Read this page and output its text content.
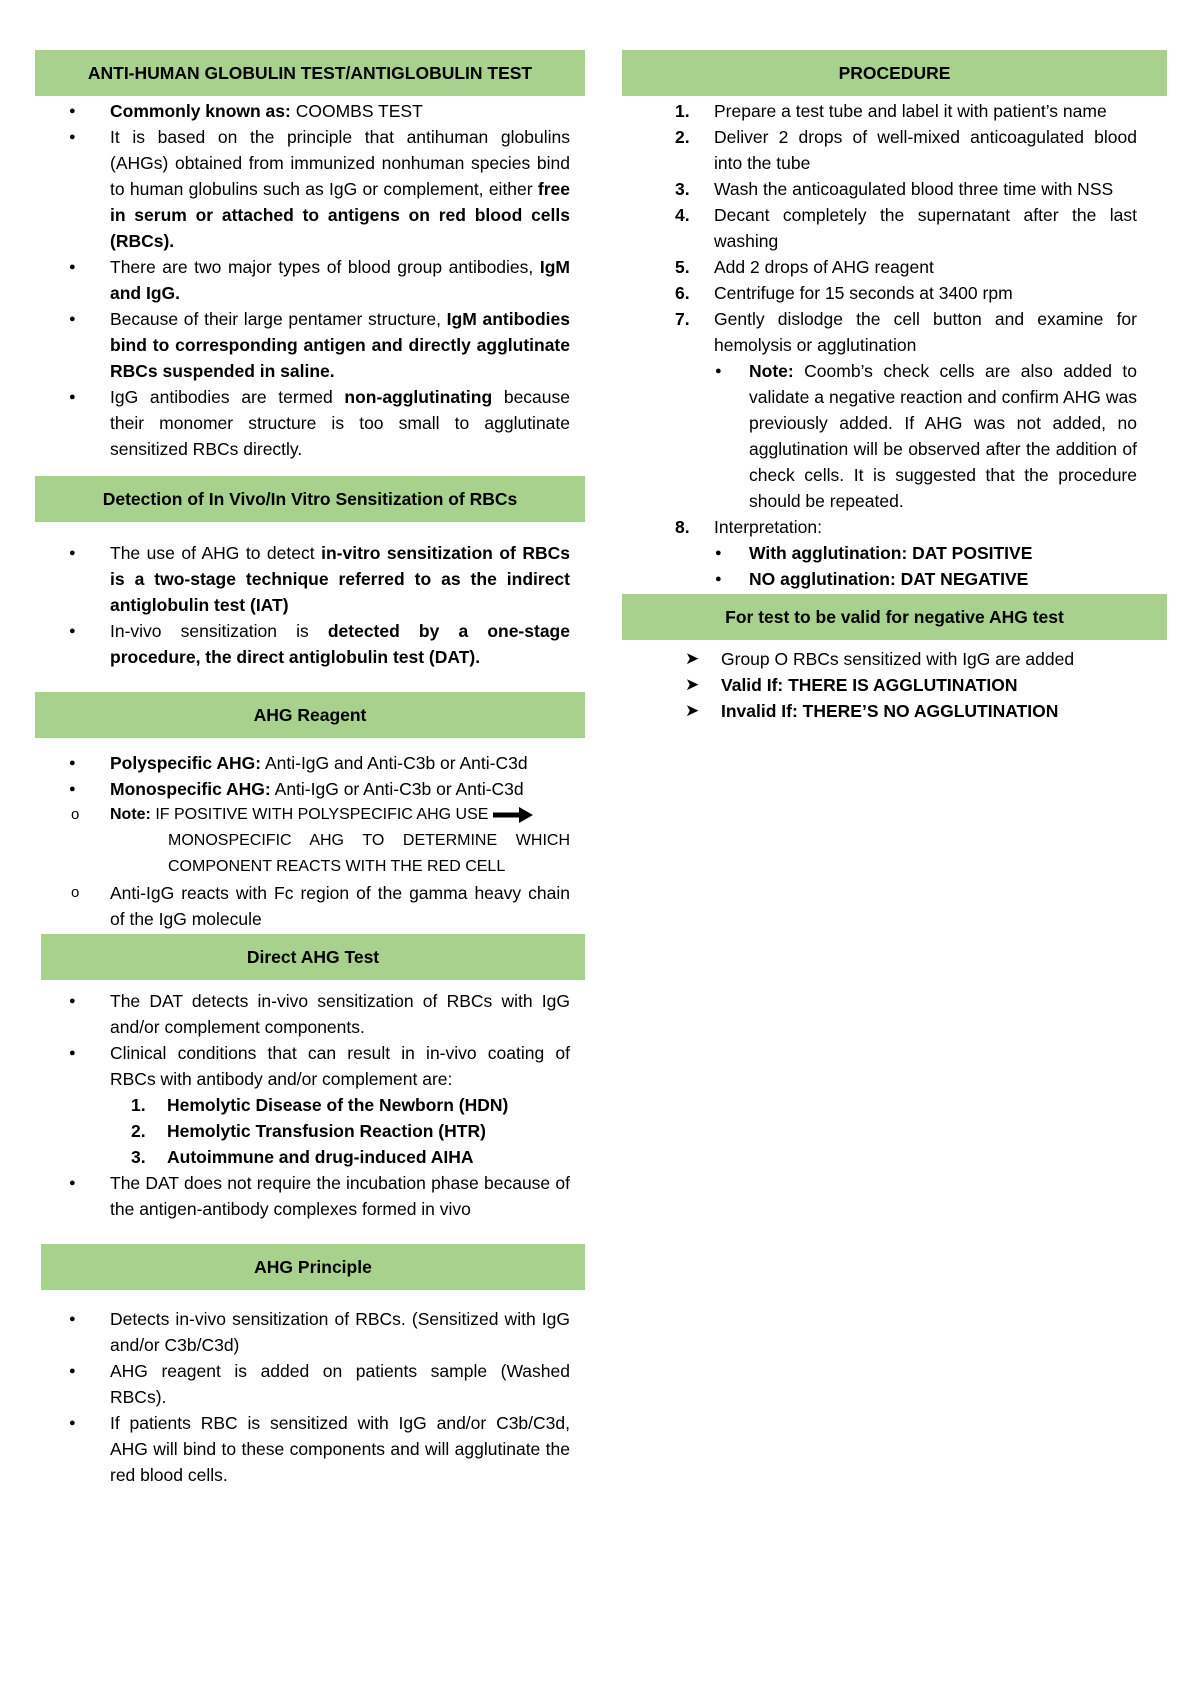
ANTI-HUMAN GLOBULIN TEST/ANTIGLOBULIN TEST
● Commonly known as: COOMBS TEST
● It is based on the principle that antihuman globulins (AHGs) obtained from immunized nonhuman species bind to human globulins such as IgG or complement, either free in serum or attached to antigens on red blood cells (RBCs).
● There are two major types of blood group antibodies, IgM and IgG.
● Because of their large pentamer structure, IgM antibodies bind to corresponding antigen and directly agglutinate RBCs suspended in saline.
● IgG antibodies are termed non-agglutinating because their monomer structure is too small to agglutinate sensitized RBCs directly.
Detection of In Vivo/In Vitro Sensitization of RBCs
● The use of AHG to detect in-vitro sensitization of RBCs is a two-stage technique referred to as the indirect antiglobulin test (IAT)
● In-vivo sensitization is detected by a one-stage procedure, the direct antiglobulin test (DAT).
AHG Reagent
● Polyspecific AHG: Anti-IgG and Anti-C3b or Anti-C3d
● Monospecific AHG: Anti-IgG or Anti-C3b or Anti-C3d
o Note: IF POSITIVE WITH POLYSPECIFIC AHG USE
MONOSPECIFIC AHG TO DETERMINE WHICH COMPONENT REACTS WITH THE RED CELL
o Anti-IgG reacts with Fc region of the gamma heavy chain of the IgG molecule
Direct AHG Test
● The DAT detects in-vivo sensitization of RBCs with IgG and/or complement components.
● Clinical conditions that can result in in-vivo coating of RBCs with antibody and/or complement are:
1. Hemolytic Disease of the Newborn (HDN)
2. Hemolytic Transfusion Reaction (HTR)
3. Autoimmune and drug-induced AIHA
● The DAT does not require the incubation phase because of the antigen-antibody complexes formed in vivo
AHG Principle
● Detects in-vivo sensitization of RBCs. (Sensitized with IgG and/or C3b/C3d)
● AHG reagent is added on patients sample (Washed RBCs).
● If patients RBC is sensitized with IgG and/or C3b/C3d, AHG will bind to these components and will agglutinate the red blood cells.
PROCEDURE
1. Prepare a test tube and label it with patient’s name
2. Deliver 2 drops of well-mixed anticoagulated blood into the tube
3. Wash the anticoagulated blood three time with NSS
4. Decant completely the supernatant after the last washing
5. Add 2 drops of AHG reagent
6. Centrifuge for 15 seconds at 3400 rpm
7. Gently dislodge the cell button and examine for hemolysis or agglutination
● Note: Coomb’s check cells are also added to validate a negative reaction and confirm AHG was previously added. If AHG was not added, no agglutination will be observed after the addition of check cells. It is suggested that the procedure should be repeated.
8. Interpretation:
● With agglutination: DAT POSITIVE
● NO agglutination: DAT NEGATIVE
For test to be valid for negative AHG test
➤ Group O RBCs sensitized with IgG are added
➤ Valid If: THERE IS AGGLUTINATION
➤ Invalid If: THERE’S NO AGGLUTINATION
